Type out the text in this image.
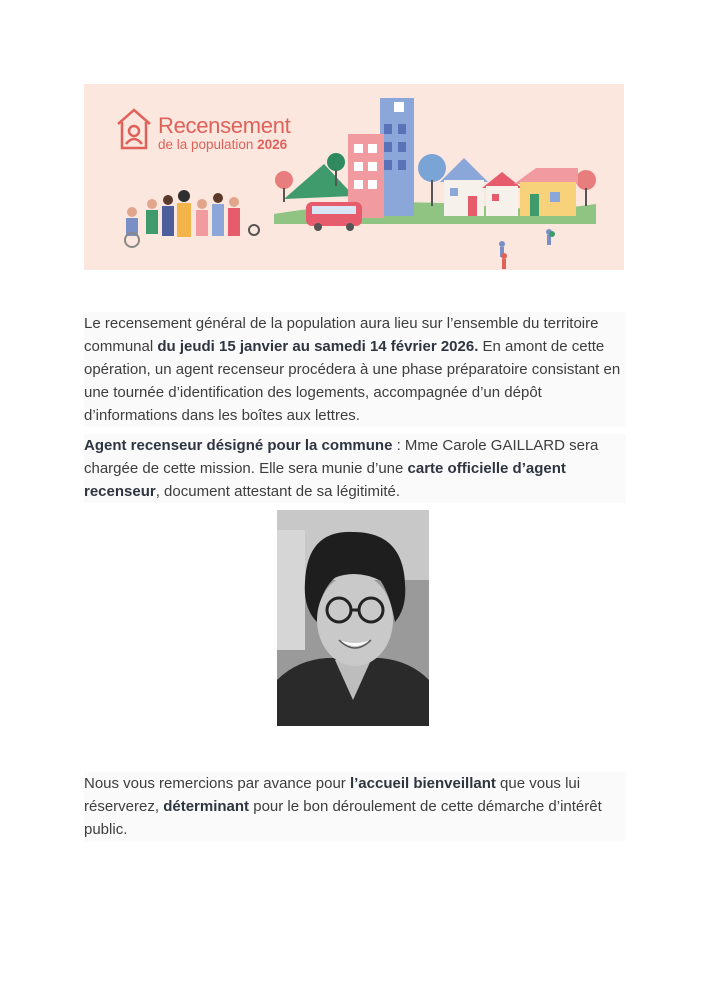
Recensement
de la population 2026

Le recensement général de la population aura lieu sur l’ensemble du territoire communal du jeudi 15 janvier au samedi 14 février 2026. En amont de cette opération, un agent recenseur procédera à une phase préparatoire consistant en une tournée d’identification des logements, accompagnée d’un dépôt d’informations dans les boîtes aux lettres.

Agent recenseur désigné pour la commune : Mme Carole GAILLARD sera chargée de cette mission. Elle sera munie d’une carte officielle d’agent recenseur, document attestant de sa légitimité.

Nous vous remercions par avance pour l’accueil bienveillant que vous lui réserverez, déterminant pour le bon déroulement de cette démarche d’intérêt public.
